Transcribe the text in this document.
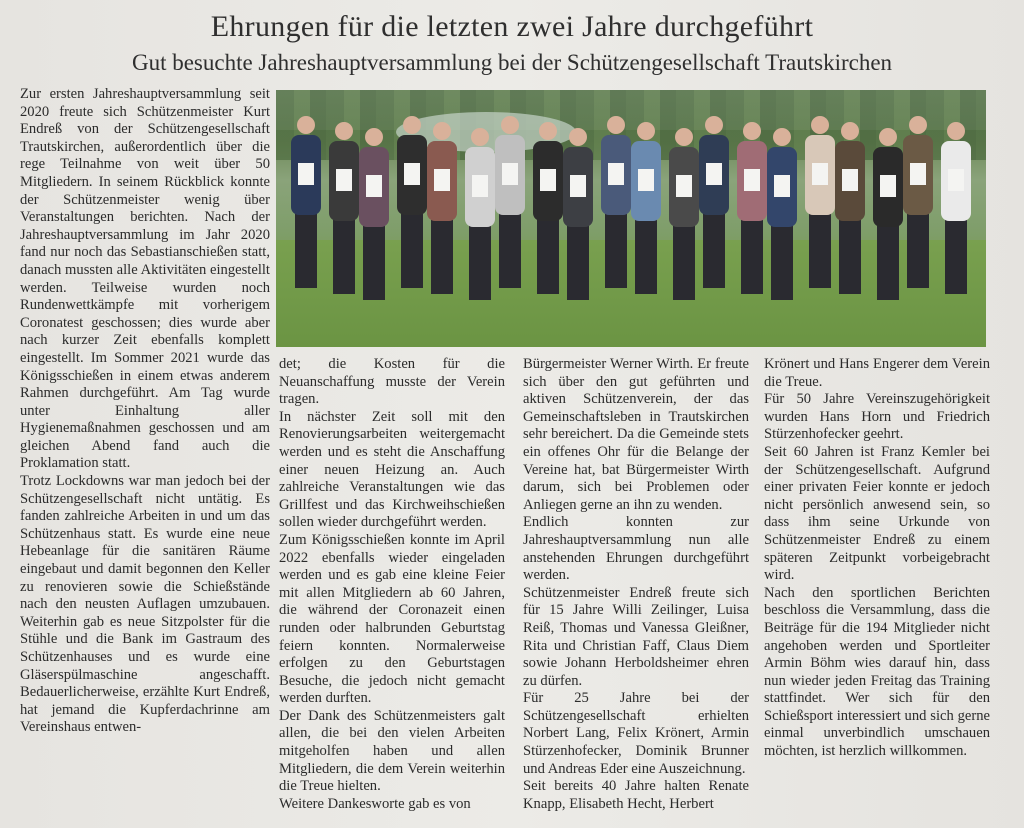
Ehrungen für die letzten zwei Jahre durchgeführt
Gut besuchte Jahreshauptversammlung bei der Schützengesellschaft Trautskirchen

Zur ersten Jahreshauptversammlung seit 2020 freute sich Schützenmeister Kurt Endreß von der Schützengesellschaft Trautskirchen, außerordentlich über die rege Teilnahme von weit über 50 Mitgliedern. In seinem Rückblick konnte der Schützenmeister wenig über Veranstaltungen berichten. Nach der Jahreshauptversammlung im Jahr 2020 fand nur noch das Sebastianschießen statt, danach mussten alle Aktivitäten eingestellt werden. Teilweise wurden noch Rundenwettkämpfe mit vorherigem Coronatest geschossen; dies wurde aber nach kurzer Zeit ebenfalls komplett eingestellt. Im Sommer 2021 wurde das Königsschießen in einem etwas anderem Rahmen durchgeführt. Am Tag wurde unter Einhaltung aller Hygienemaßnahmen geschossen und am gleichen Abend fand auch die Proklamation statt.

Trotz Lockdowns war man jedoch bei der Schützengesellschaft nicht untätig. Es fanden zahlreiche Arbeiten in und um das Schützenhaus statt. Es wurde eine neue Hebeanlage für die sanitären Räume eingebaut und damit begonnen den Keller zu renovieren sowie die Schießstände nach den neusten Auflagen umzubauen. Weiterhin gab es neue Sitzpolster für die Stühle und die Bank im Gastraum des Schützenhauses und es wurde eine Gläserspülmaschine angeschafft. Bedauerlicherweise, erzählte Kurt Endreß, hat jemand die Kupferdachrinne am Vereinshaus entwen-

det; die Kosten für die Neuanschaffung musste der Verein tragen.

In nächster Zeit soll mit den Renovierungsarbeiten weitergemacht werden und es steht die Anschaffung einer neuen Heizung an. Auch zahlreiche Veranstaltungen wie das Grillfest und das Kirchweihschießen sollen wieder durchgeführt werden.

Zum Königsschießen konnte im April 2022 ebenfalls wieder eingeladen werden und es gab eine kleine Feier mit allen Mitgliedern ab 60 Jahren, die während der Coronazeit einen runden oder halbrunden Geburtstag feiern konnten. Normalerweise erfolgen zu den Geburtstagen Besuche, die jedoch nicht gemacht werden durften.

Der Dank des Schützenmeisters galt allen, die bei den vielen Arbeiten mitgeholfen haben und allen Mitgliedern, die dem Verein weiterhin die Treue hielten.

Weitere Dankesworte gab es von

Bürgermeister Werner Wirth. Er freute sich über den gut geführten und aktiven Schützenverein, der das Gemeinschaftsleben in Trautskirchen sehr bereichert. Da die Gemeinde stets ein offenes Ohr für die Belange der Vereine hat, bat Bürgermeister Wirth darum, sich bei Problemen oder Anliegen gerne an ihn zu wenden.

Endlich konnten zur Jahreshauptversammlung nun alle anstehenden Ehrungen durchgeführt werden.

Schützenmeister Endreß freute sich für 15 Jahre Willi Zeilinger, Luisa Reiß, Thomas und Vanessa Gleißner, Rita und Christian Faff, Claus Diem sowie Johann Herboldsheimer ehren zu dürfen.

Für 25 Jahre bei der Schützengesellschaft erhielten Norbert Lang, Felix Krönert, Armin Stürzenhofecker, Dominik Brunner und Andreas Eder eine Auszeichnung.

Seit bereits 40 Jahre halten Renate Knapp, Elisabeth Hecht, Herbert

Krönert und Hans Engerer dem Verein die Treue.

Für 50 Jahre Vereinszugehörigkeit wurden Hans Horn und Friedrich Stürzenhofecker geehrt.

Seit 60 Jahren ist Franz Kemler bei der Schützengesellschaft. Aufgrund einer privaten Feier konnte er jedoch nicht persönlich anwesend sein, so dass ihm seine Urkunde von Schützenmeister Endreß zu einem späteren Zeitpunkt vorbeigebracht wird.

Nach den sportlichen Berichten beschloss die Versammlung, dass die Beiträge für die 194 Mitglieder nicht angehoben werden und Sportleiter Armin Böhm wies darauf hin, dass nun wieder jeden Freitag das Training stattfindet. Wer sich für den Schießsport interessiert und sich gerne einmal unverbindlich umschauen möchten, ist herzlich willkommen.
